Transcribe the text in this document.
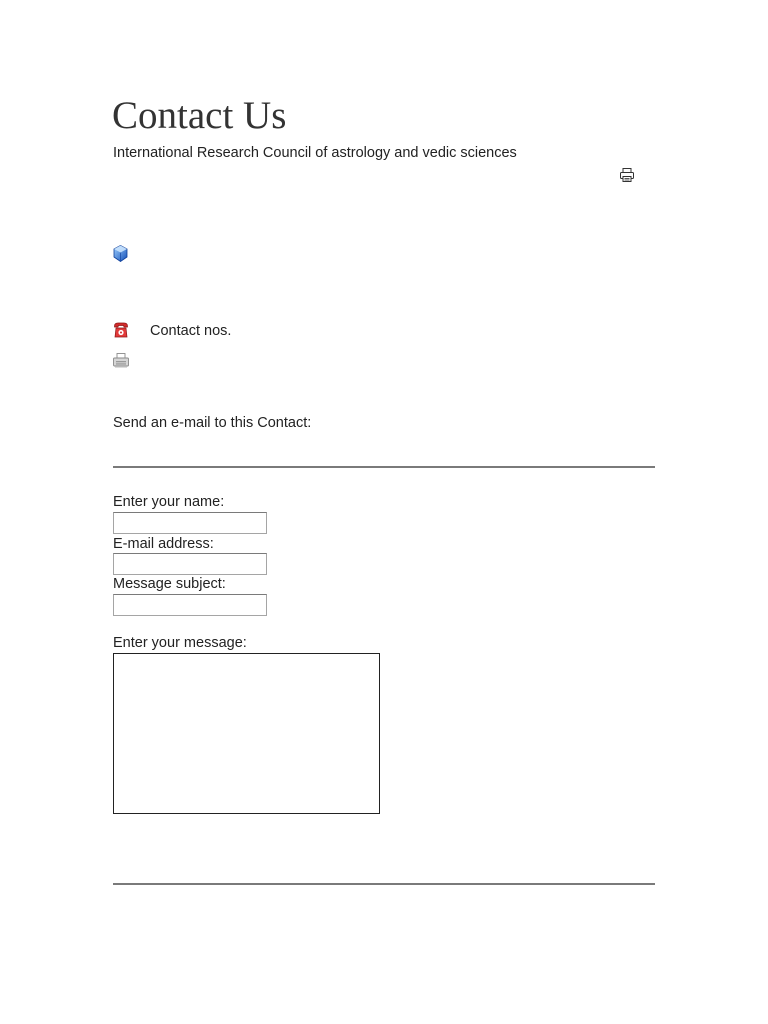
Contact Us
International Research Council of astrology and vedic sciences
Contact nos.
Send an e-mail to this Contact:
Enter your name:
E-mail address:
Message subject:
Enter your message:
